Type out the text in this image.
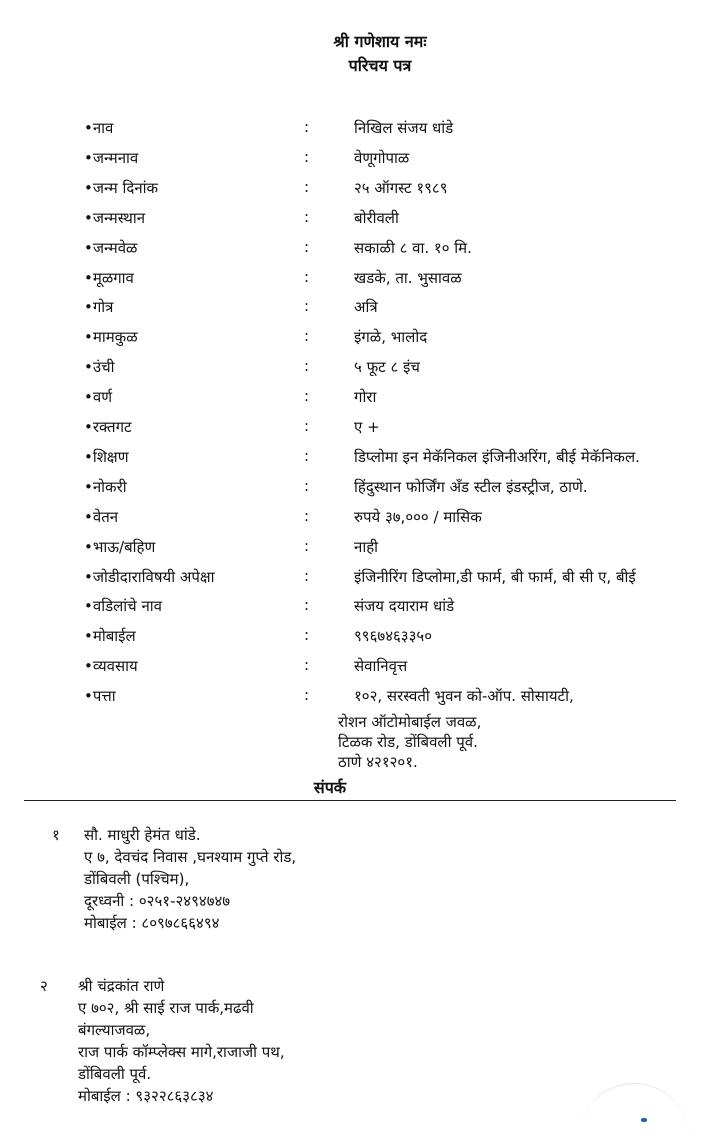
श्री गणेशाय नमः
परिचय पत्र
•नाव	:	निखिल संजय धांडे
•जन्मनाव	:	वेणूगोपाळ
•जन्म दिनांक	:	२५ ऑगस्ट १९८९
•जन्मस्थान	:	बोरीवली
•जन्मवेळ	:	सकाळी ८ वा. १० मि.
•मूळगाव	:	खडके, ता. भुसावळ
•गोत्र	:	अत्रि
•मामकुळ	:	इंगळे, भालोद
•उंची	:	५ फूट ८ इंच
•वर्ण	:	गोरा
•रक्तगट	:	ए +
•शिक्षण	:	डिप्लोमा इन मेकॅनिकल इंजिनीअरिंग, बीई मेकॅनिकल.
•नोकरी	:	हिंदुस्थान फोर्जिंग अँड स्टील इंडस्ट्रीज, ठाणे.
•वेतन	:	रुपये ३७,००० / मासिक
•भाऊ/बहिण	:	नाही
•जोडीदाराविषयी अपेक्षा	:	इंजिनीरिंग डिप्लोमा,डी फार्म, बी फार्म, बी सी ए, बीई
•वडिलांचे नाव	:	संजय दयाराम धांडे
•मोबाईल	:	९९६७४६३३५०
•व्यवसाय	:	सेवानिवृत्त
•पत्ता	:	१०२, सरस्वती भुवन को-ऑप. सोसायटी,
रोशन ऑटोमोबाईल जवळ,
टिळक रोड, डोंबिवली पूर्व.
ठाणे ४२१२०१.
संपर्क
१ सौ. माधुरी हेमंत धांडे.
ए ७, देवचंद निवास ,घनश्याम गुप्ते रोड,
डोंबिवली (पश्चिम),
दूरध्वनी : ०२५१-२४९४७४७
मोबाईल : ८०९७८६६४९४
२ श्री चंद्रकांत राणे
ए ७०२, श्री साई राज पार्क,मढवी
बंगल्याजवळ,
राज पार्क कॉम्प्लेक्स मागे,राजाजी पथ,
डोंबिवली पूर्व.
मोबाईल : ९३२२८६३८३४
